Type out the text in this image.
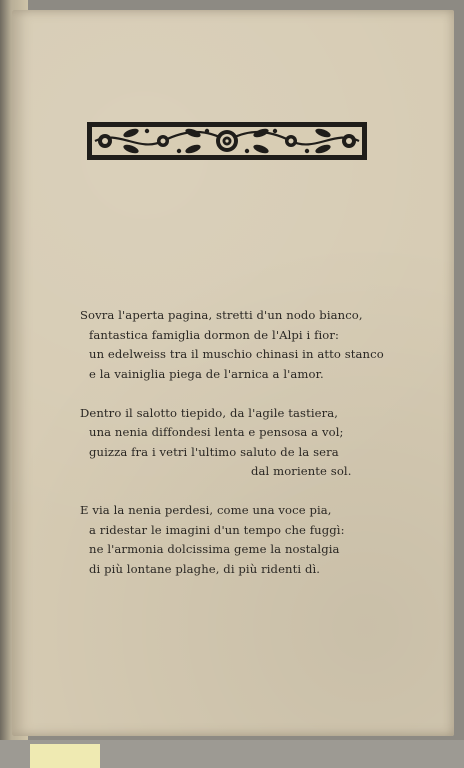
Sovra l'aperta pagina, stretti d'un nodo bianco,
fantastica famiglia dormon de l'Alpi i fior:
un edelweiss tra il muschio chinasi in atto stanco
e la vainiglia piega de l'arnica a l'amor.
Dentro il salotto tiepido, da l'agile tastiera,
una nenia diffondesi lenta e pensosa a vol;
guizza fra i vetri l'ultimo saluto de la sera
dal moriente sol.
E via la nenia perdesi, come una voce pia,
a ridestar le imagini d'un tempo che fuggì:
ne l'armonia dolcissima geme la nostalgia
di più lontane plaghe, di più ridenti dì.
